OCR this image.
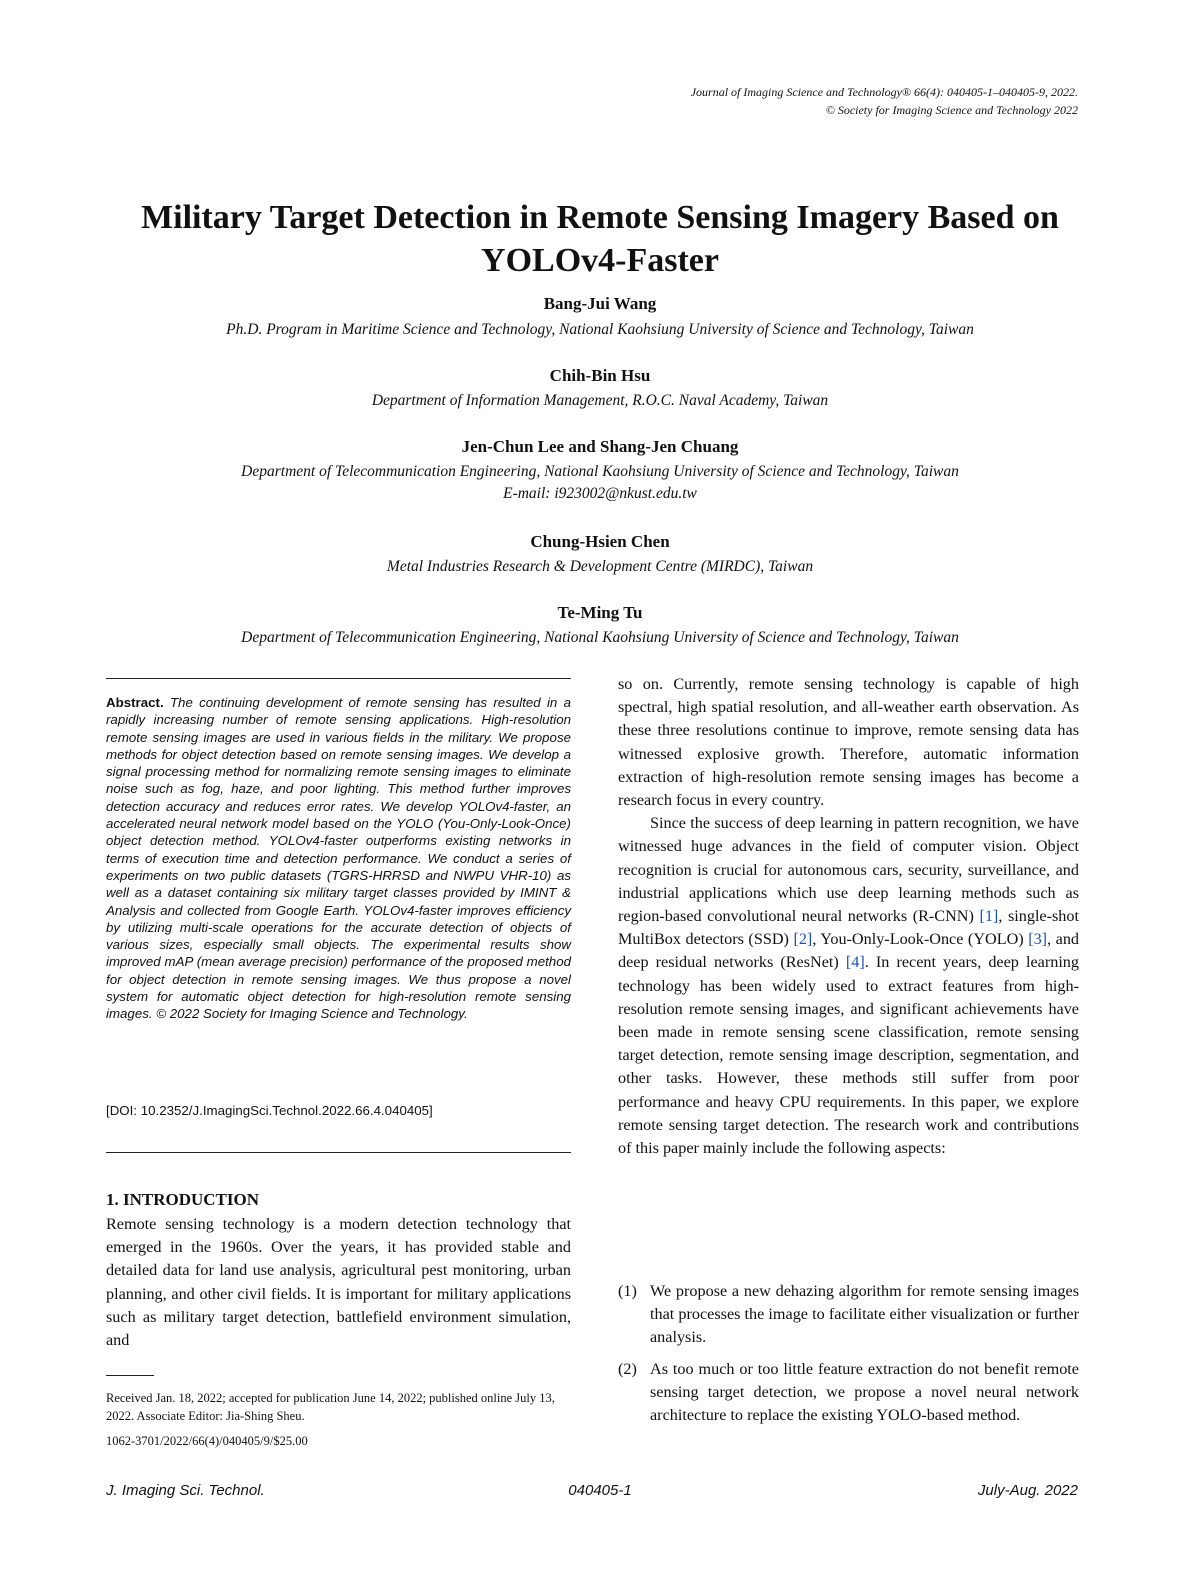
Journal of Imaging Science and Technology® 66(4): 040405-1–040405-9, 2022.
© Society for Imaging Science and Technology 2022
Military Target Detection in Remote Sensing Imagery Based on YOLOv4-Faster
Bang-Jui Wang
Ph.D. Program in Maritime Science and Technology, National Kaohsiung University of Science and Technology, Taiwan
Chih-Bin Hsu
Department of Information Management, R.O.C. Naval Academy, Taiwan
Jen-Chun Lee and Shang-Jen Chuang
Department of Telecommunication Engineering, National Kaohsiung University of Science and Technology, Taiwan
E-mail: i923002@nkust.edu.tw
Chung-Hsien Chen
Metal Industries Research & Development Centre (MIRDC), Taiwan
Te-Ming Tu
Department of Telecommunication Engineering, National Kaohsiung University of Science and Technology, Taiwan
Abstract. The continuing development of remote sensing has resulted in a rapidly increasing number of remote sensing applications. High-resolution remote sensing images are used in various fields in the military. We propose methods for object detection based on remote sensing images. We develop a signal processing method for normalizing remote sensing images to eliminate noise such as fog, haze, and poor lighting. This method further improves detection accuracy and reduces error rates. We develop YOLOv4-faster, an accelerated neural network model based on the YOLO (You-Only-Look-Once) object detection method. YOLOv4-faster outperforms existing networks in terms of execution time and detection performance. We conduct a series of experiments on two public datasets (TGRS-HRRSD and NWPU VHR-10) as well as a dataset containing six military target classes provided by IMINT & Analysis and collected from Google Earth. YOLOv4-faster improves efficiency by utilizing multi-scale operations for the accurate detection of objects of various sizes, especially small objects. The experimental results show improved mAP (mean average precision) performance of the proposed method for object detection in remote sensing images. We thus propose a novel system for automatic object detection for high-resolution remote sensing images. © 2022 Society for Imaging Science and Technology.
[DOI: 10.2352/J.ImagingSci.Technol.2022.66.4.040405]
1. INTRODUCTION
Remote sensing technology is a modern detection technology that emerged in the 1960s. Over the years, it has provided stable and detailed data for land use analysis, agricultural pest monitoring, urban planning, and other civil fields. It is important for military applications such as military target detection, battlefield environment simulation, and

so on. Currently, remote sensing technology is capable of high spectral, high spatial resolution, and all-weather earth observation. As these three resolutions continue to improve, remote sensing data has witnessed explosive growth. Therefore, automatic information extraction of high-resolution remote sensing images has become a research focus in every country.

Since the success of deep learning in pattern recognition, we have witnessed huge advances in the field of computer vision. Object recognition is crucial for autonomous cars, security, surveillance, and industrial applications which use deep learning methods such as region-based convolutional neural networks (R-CNN) [1], single-shot MultiBox detectors (SSD) [2], You-Only-Look-Once (YOLO) [3], and deep residual networks (ResNet) [4]. In recent years, deep learning technology has been widely used to extract features from high-resolution remote sensing images, and significant achievements have been made in remote sensing scene classification, remote sensing target detection, remote sensing image description, segmentation, and other tasks. However, these methods still suffer from poor performance and heavy CPU requirements. In this paper, we explore remote sensing target detection. The research work and contributions of this paper mainly include the following aspects:

(1) We propose a new dehazing algorithm for remote sensing images that processes the image to facilitate either visualization or further analysis.
(2) As too much or too little feature extraction do not benefit remote sensing target detection, we propose a novel neural network architecture to replace the existing YOLO-based method.
Received Jan. 18, 2022; accepted for publication June 14, 2022; published online July 13, 2022. Associate Editor: Jia-Shing Sheu.
1062-3701/2022/66(4)/040405/9/$25.00
J. Imaging Sci. Technol.	040405-1	July-Aug. 2022
